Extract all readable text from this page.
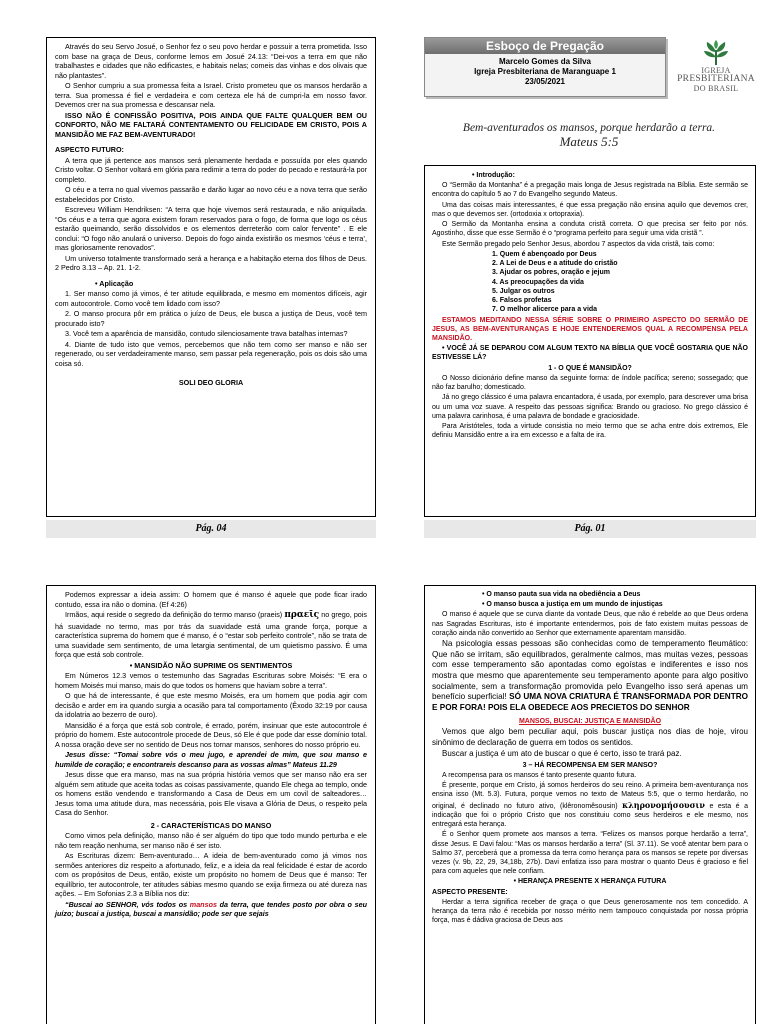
Através do seu Servo Josué, o Senhor fez o seu povo herdar e possuir a terra prometida. Isso com base na graça de Deus, conforme lemos em Josué 24.13: “Dei-vos a terra em que não trabalhastes e cidades que não edificastes, e habitais nelas; comeis das vinhas e dos olivais que não plantastes”.

O Senhor cumpriu a sua promessa feita a Israel. Cristo prometeu que os mansos herdarão a terra. Sua promessa é fiel e verdadeira e com certeza ele há de cumpri-la em nosso favor. Devemos crer na sua promessa e descansar nela.

ISSO NÃO É CONFISSÃO POSITIVA, POIS AINDA QUE FALTE QUALQUER BEM OU CONFORTO, NÃO ME FALTARÁ CONTENTAMENTO OU FELICIDADE EM CRISTO, POIS A MANSIDÃO ME FAZ BEM-AVENTURADO!

ASPECTO FUTURO:

A terra que já pertence aos mansos será plenamente herdada e possuída por eles quando Cristo voltar. O Senhor voltará em glória para redimir a terra do poder do pecado e restaurá-la por completo.

O céu e a terra no qual vivemos passarão e darão lugar ao novo céu e a nova terra que serão estabelecidos por Cristo.

Escreveu William Hendriksen: “A terra que hoje vivemos será restaurada, e não aniquilada. “Os céus e a terra que agora existem foram reservados para o fogo, de forma que logo os céus estarão queimando, serão dissolvidos e os elementos derreterão com calor fervente” . E ele conclui: “O fogo não anulará o universo. Depois do fogo ainda existirão os mesmos ‘céus e terra’, mas gloriosamente renovados”.

Um universo totalmente transformado será a herança e a habitação eterna dos filhos de Deus. 2 Pedro 3.13 – Ap. 21. 1-2.

• Aplicação

1. Ser manso como já vimos, é ter atitude equilibrada, e mesmo em momentos difíceis, agir com autocontrole. Como você tem lidado com isso?

2. O manso procura pôr em prática o juízo de Deus, ele busca a justiça de Deus, você tem procurado isto?

3. Você tem a aparência de mansidão, contudo silenciosamente trava batalhas internas?

4. Diante de tudo isto que vemos, percebemos que não tem como ser manso e não ser regenerado, ou ser verdadeiramente manso, sem passar pela regeneração, pois os dois são uma coisa só.

SOLI DEO GLORIA

Pág. 04
Esboço de Pregação
Marcelo Gomes da Silva
Igreja Presbiteriana de Maranguape 1
23/05/2021
IGREJA
PRESBITERIANA
DO BRASIL
Bem-aventurados os mansos, porque herdarão a terra.
Mateus 5:5

• Introdução:

O “Sermão da Montanha” é a pregação mais longa de Jesus registrada na Bíblia. Este sermão se encontra do capítulo 5 ao 7 do Evangelho segundo Mateus.

Uma das coisas mais interessantes, é que essa pregação não ensina aquilo que devemos crer, mas o que devemos ser. (ortodoxia x ortopraxia).

O Sermão da Montanha ensina a conduta cristã correta. O que precisa ser feito por nós. Agostinho, disse que esse Sermão é o “programa perfeito para seguir uma vida cristã ”.

Este Sermão pregado pelo Senhor Jesus, abordou 7 aspectos da vida cristã, tais como:

1. Quem é abençoado por Deus
2. A Lei de Deus e a atitude do cristão
3. Ajudar os pobres, oração e jejum
4. As preocupações da vida
5. Julgar os outros
6. Falsos profetas
7. O melhor alicerce para a vida

ESTAMOS MEDITANDO NESSA SÉRIE SOBRE O PRIMEIRO ASPECTO DO SERMÃO DE JESUS, AS BEM-AVENTURANÇAS E HOJE ENTENDEREMOS QUAL A RECOMPENSA PELA MANSIDÃO.

• VOCÊ JÁ SE DEPAROU COM ALGUM TEXTO NA BÍBLIA QUE VOCÊ GOSTARIA QUE NÃO ESTIVESSE LÁ?

1 - O QUE É MANSIDÃO?

O Nosso dicionário define manso da seguinte forma: de índole pacífica; sereno; sossegado; que não faz barulho; domesticado.

Já no grego clássico é uma palavra encantadora, é usada, por exemplo, para descrever uma brisa ou um uma voz suave. A respeito das pessoas significa: Brando ou gracioso. No grego clássico é uma palavra carinhosa, é uma palavra de bondade e graciosidade.

Para Aristóteles, toda a virtude consistia no meio termo que se acha entre dois extremos, Ele definiu Mansidão entre a ira em excesso e a falta de ira.

Pág. 01

Podemos expressar a ideia assim: O homem que é manso é aquele que pode ficar irado contudo, essa ira não o domina. (Ef 4:26)

Irmãos, aqui reside o segredo da definição do termo manso (praeis) πραεῖς no grego, pois há suavidade no termo, mas por trás da suavidade está uma grande força, porque a característica suprema do homem que é manso, é o “estar sob perfeito controle”, não se trata de uma suavidade sem sentimento, de uma letargia sentimental, de um quietismo passivo. É uma força que está sob controle.

• MANSIDÃO NÃO SUPRIME OS SENTIMENTOS

Em Números 12.3 vemos o testemunho das Sagradas Escrituras sobre Moisés: “E era o homem Moisés mui manso, mais do que todos os homens que haviam sobre a terra”.

O que há de interessante, é que este mesmo Moisés, era um homem que podia agir com decisão e arder em ira quando surgia a ocasião para tal comportamento (Êxodo 32:19 por causa da idolatria ao bezerro de ouro).

Mansidão é a força que está sob controle, é errado, porém, insinuar que este autocontrole é próprio do homem. Este autocontrole procede de Deus, só Ele é que pode dar esse domínio total. A nossa oração deve ser no sentido de Deus nos tornar mansos, senhores do nosso próprio eu.

Jesus disse: “Tomai sobre vós o meu jugo, e aprendei de mim, que sou manso e humilde de coração; e encontrareis descanso para as vossas almas” Mateus 11.29

Jesus disse que era manso, mas na sua própria história vemos que ser manso não era ser alguém sem atitude que aceita todas as coisas passivamente, quando Ele chega ao templo, onde os homens estão vendendo e transformando a Casa de Deus em um covil de salteadores… Jesus toma uma atitude dura, mas necessária, pois Ele visava a Glória de Deus, o respeito pela Casa do Senhor.

2 - CARACTERÍSTICAS DO MANSO

Como vimos pela definição, manso não é ser alguém do tipo que todo mundo perturba e ele não tem reação nenhuma, ser manso não é ser isto.

As Escrituras dizem: Bem-aventurado… A ideia de bem-aventurado como já vimos nos sermões anteriores diz respeito a afortunado, feliz, e a ideia da real felicidade é estar de acordo com os propósitos de Deus, então, existe um propósito no homem de Deus que é manso: Ter equilíbrio, ter autocontrole, ter atitudes sábias mesmo quando se exija firmeza ou até dureza nas ações. – Em Sofonias 2.3 a Bíblia nos diz:

“Buscai ao SENHOR, vós todos os mansos da terra, que tendes posto por obra o seu juízo; buscai a justiça, buscai a mansidão; pode ser que sejais

• O manso pauta sua vida na obediência a Deus

• O manso busca a justiça em um mundo de injustiças

O manso é aquele que se curva diante da vontade Deus, que não é rebelde ao que Deus ordena nas Sagradas Escrituras, isto é importante entendermos, pois de fato existem muitas pessoas de coração ainda não convertido ao Senhor que externamente aparentam mansidão.

Na psicologia essas pessoas são conhecidas como de temperamento fleumático: Que não se irritam, são equilibrados, geralmente calmos, mas muitas vezes, pessoas com esse temperamento são apontadas como egoístas e indiferentes e isso nos mostra que mesmo que aparentemente seu temperamento aponte para algo positivo socialmente, sem a transformação promovida pelo Evangelho isso será apenas um benefício superficial! SÓ UMA NOVA CRIATURA É TRANSFORMADA POR DENTRO E POR FORA! POIS ELA OBEDECE AOS PRECIETOS DO SENHOR

MANSOS, BUSCAI: JUSTIÇA E MANSIDÃO

Vemos que algo bem peculiar aqui, pois buscar justiça nos dias de hoje, virou sinônimo de declaração de guerra em todos os sentidos.

Buscar a justiça é um ato de buscar o que é certo, isso te trará paz.

3 – HÁ RECOMPENSA EM SER MANSO?

A recompensa para os mansos é tanto presente quanto futura.

É presente, porque em Cristo, já somos herdeiros do seu reino. A primeira bem-aventurança nos ensina isso (Mt. 5.3). Futura, porque vemos no texto de Mateus 5:5, que o termo herdarão, no original, é declinado no futuro ativo, (klêronomêsousin) κληρονομήσουσιν e esta é a indicação que foi o próprio Cristo que nos constituiu como seus herdeiros e ele mesmo, nos entregará esta herança.

É o Senhor quem promete aos mansos a terra. “Felizes os mansos porque herdarão a terra”, disse Jesus. E Davi falou: “Mas os mansos herdarão a terra” (Sl. 37.11). Se você atentar bem para o Salmo 37, perceberá que a promessa da terra como herança para os mansos se repete por diversas vezes (v. 9b, 22, 29, 34,18b, 27b). Davi enfatiza isso para mostrar o quanto Deus é gracioso e fiel para com aqueles que nele confiam.

• HERANÇA PRESENTE X HERANÇA FUTURA

ASPECTO PRESENTE:

Herdar a terra significa receber de graça o que Deus generosamente nos tem concedido. A herança da terra não é recebida por nosso mérito nem tampouco conquistada por nossa própria força, mas é dádiva graciosa de Deus aos
